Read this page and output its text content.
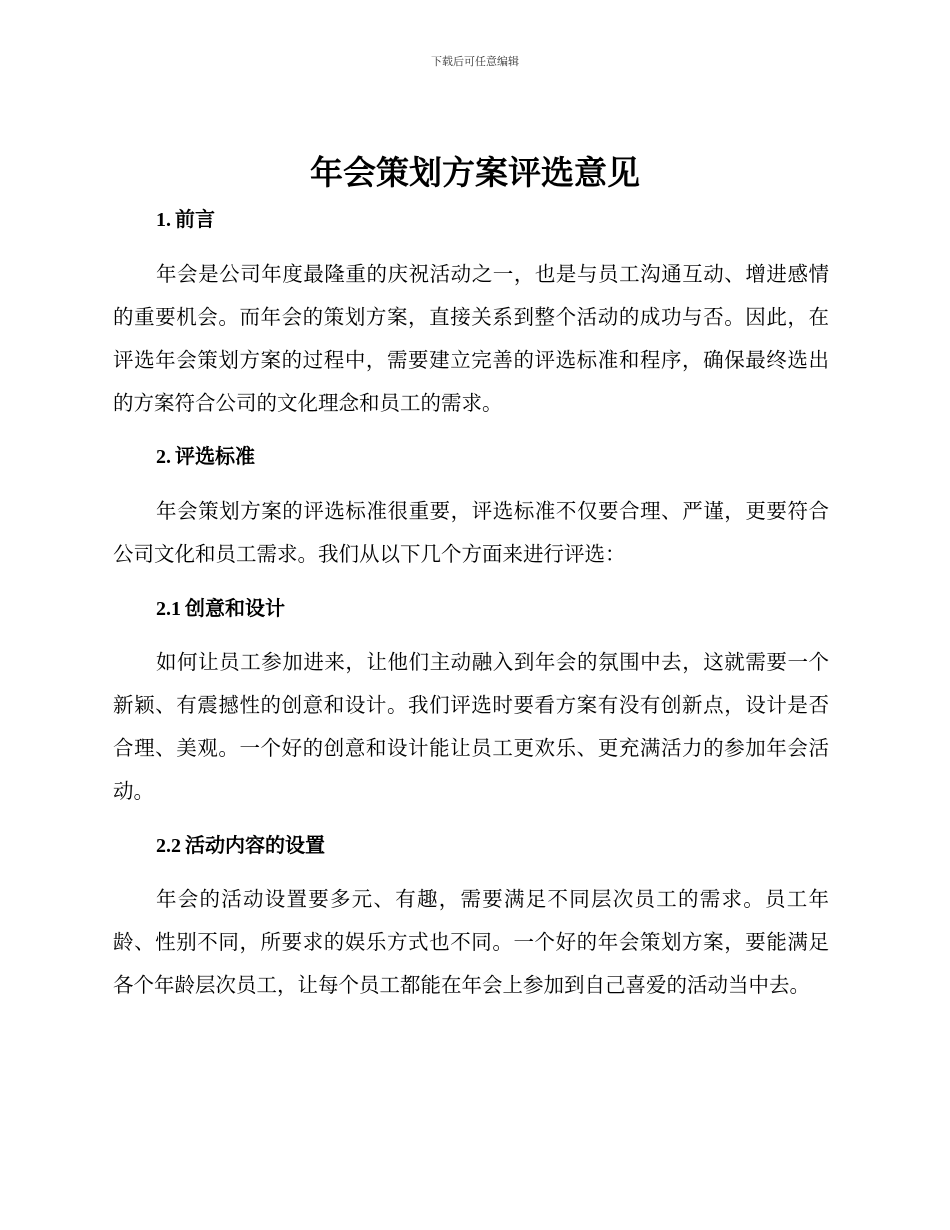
下载后可任意编辑
年会策划方案评选意见
1. 前言

年会是公司年度最隆重的庆祝活动之一，也是与员工沟通互动、增进感情的重要机会。而年会的策划方案，直接关系到整个活动的成功与否。因此，在评选年会策划方案的过程中，需要建立完善的评选标准和程序，确保最终选出的方案符合公司的文化理念和员工的需求。

2. 评选标准

年会策划方案的评选标准很重要，评选标准不仅要合理、严谨，更要符合公司文化和员工需求。我们从以下几个方面来进行评选：

2.1 创意和设计

如何让员工参加进来，让他们主动融入到年会的氛围中去，这就需要一个新颖、有震撼性的创意和设计。我们评选时要看方案有没有创新点，设计是否合理、美观。一个好的创意和设计能让员工更欢乐、更充满活力的参加年会活动。

2.2 活动内容的设置

年会的活动设置要多元、有趣，需要满足不同层次员工的需求。员工年龄、性别不同，所要求的娱乐方式也不同。一个好的年会策划方案，要能满足各个年龄层次员工，让每个员工都能在年会上参加到自己喜爱的活动当中去。
